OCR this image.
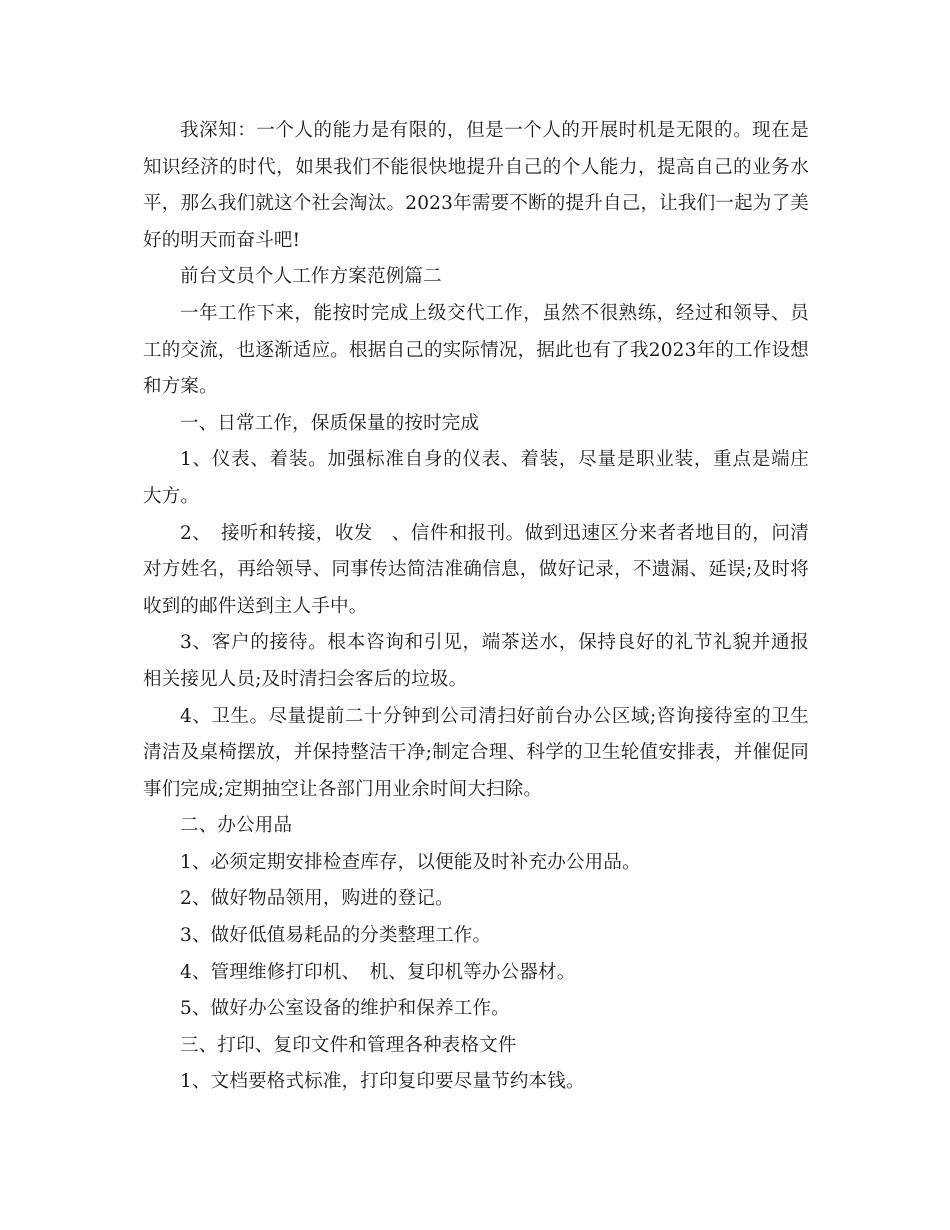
我深知：一个人的能力是有限的，但是一个人的开展时机是无限的。现在是知识经济的时代，如果我们不能很快地提升自己的个人能力，提高自己的业务水平，那么我们就这个社会淘汰。2023年需要不断的提升自己，让我们一起为了美好的明天而奋斗吧!

前台文员个人工作方案范例篇二

一年工作下来，能按时完成上级交代工作，虽然不很熟练，经过和领导、员工的交流，也逐渐适应。根据自己的实际情况，据此也有了我2023年的工作设想和方案。

一、日常工作，保质保量的按时完成

1、仪表、着装。加强标准自身的仪表、着装，尽量是职业装，重点是端庄大方。

2、　接听和转接，收发　、信件和报刊。做到迅速区分来者者地目的，问清对方姓名，再给领导、同事传达简洁准确信息，做好记录，不遗漏、延误;及时将收到的邮件送到主人手中。

3、客户的接待。根本咨询和引见，端茶送水，保持良好的礼节礼貌并通报相关接见人员;及时清扫会客后的垃圾。

4、卫生。尽量提前二十分钟到公司清扫好前台办公区域;咨询接待室的卫生清洁及桌椅摆放，并保持整洁干净;制定合理、科学的卫生轮值安排表，并催促同事们完成;定期抽空让各部门用业余时间大扫除。

二、办公用品

1、必须定期安排检查库存，以便能及时补充办公用品。

2、做好物品领用，购进的登记。

3、做好低值易耗品的分类整理工作。

4、管理维修打印机、　机、复印机等办公器材。

5、做好办公室设备的维护和保养工作。

三、打印、复印文件和管理各种表格文件

1、文档要格式标准，打印复印要尽量节约本钱。
